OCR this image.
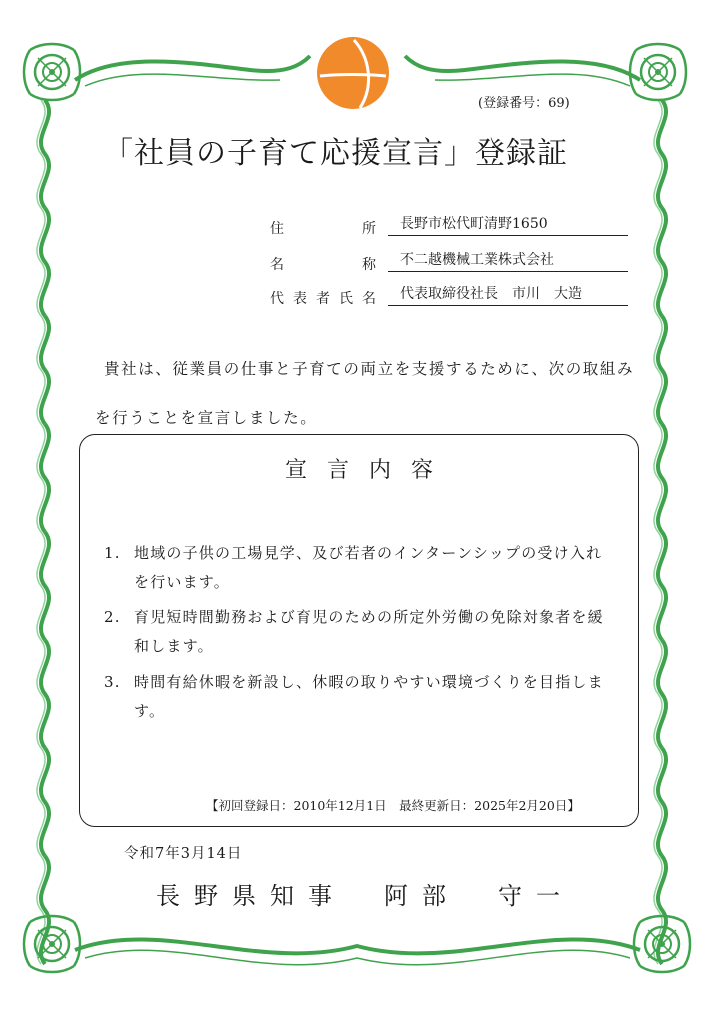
(登録番号：69)
「社員の子育て応援宣言」登録証
住	所	長野市松代町清野1650
名	称	不二越機械工業株式会社
代 表 者 氏 名	代表取締役社長　市川　大造
貴社は、従業員の仕事と子育ての両立を支援するために、次の取組み
を行うことを宣言しました。
宣言内容
1. 地域の子供の工場見学、及び若者のインターンシップの受け入れを行います。
2. 育児短時間勤務および育児のための所定外労働の免除対象者を緩和します。
3. 時間有給休暇を新設し、休暇の取りやすい環境づくりを目指します。
【初回登録日：2010年12月1日　最終更新日：2025年2月20日】
令和7年3月14日
長野県知事　阿部　守一
